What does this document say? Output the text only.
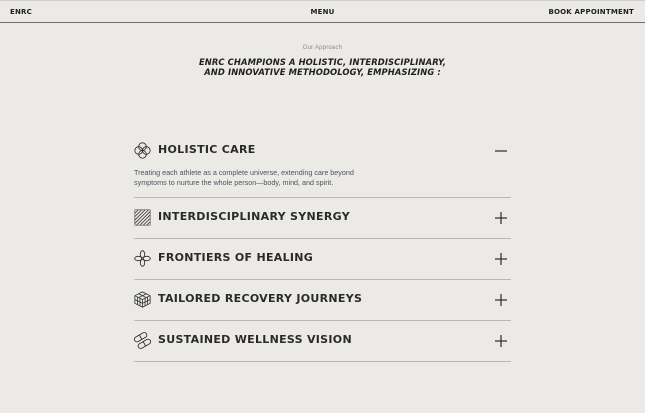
ENRC	MENU	BOOK APPOINTMENT
Our Approach
ENRC CHAMPIONS A HOLISTIC, INTERDISCIPLINARY,
AND INNOVATIVE METHODOLOGY, EMPHASIZING :
HOLISTIC CARE
Treating each athlete as a complete universe, extending care beyond
symptoms to nurture the whole person—body, mind, and spirit.
INTERDISCIPLINARY SYNERGY
FRONTIERS OF HEALING
TAILORED RECOVERY JOURNEYS
SUSTAINED WELLNESS VISION
